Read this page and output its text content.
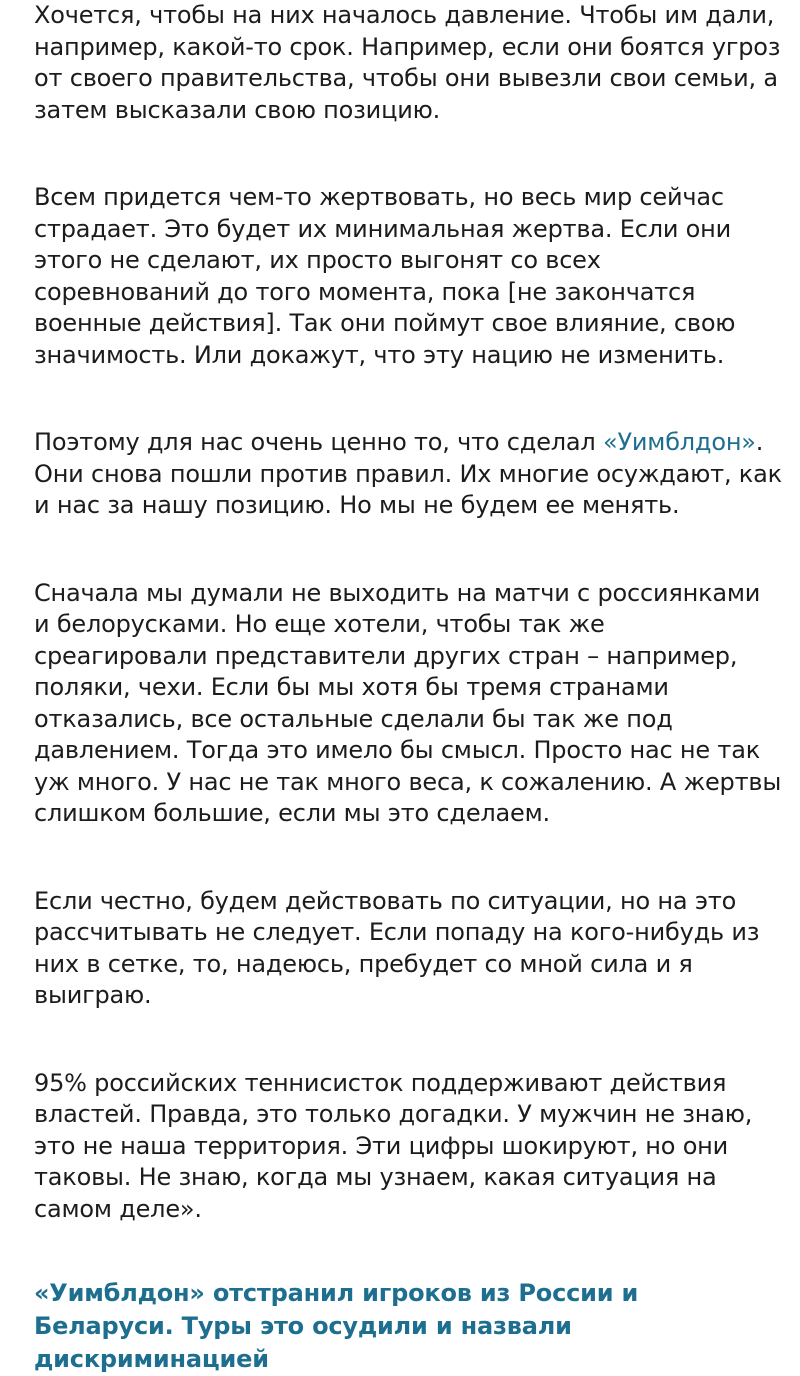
Хочется, чтобы на них началось давление. Чтобы им дали, например, какой-то срок. Например, если они боятся угроз от своего правительства, чтобы они вывезли свои семьи, а затем высказали свою позицию.

Всем придется чем-то жертвовать, но весь мир сейчас страдает. Это будет их минимальная жертва. Если они этого не сделают, их просто выгонят со всех соревнований до того момента, пока [не закончатся военные действия]. Так они поймут свое влияние, свою значимость. Или докажут, что эту нацию не изменить.

Поэтому для нас очень ценно то, что сделал «Уимблдон». Они снова пошли против правил. Их многие осуждают, как и нас за нашу позицию. Но мы не будем ее менять.

Сначала мы думали не выходить на матчи с россиянками и белорусками. Но еще хотели, чтобы так же среагировали представители других стран – например, поляки, чехи. Если бы мы хотя бы тремя странами отказались, все остальные сделали бы так же под давлением. Тогда это имело бы смысл. Просто нас не так уж много. У нас не так много веса, к сожалению. А жертвы слишком большие, если мы это сделаем.

Если честно, будем действовать по ситуации, но на это рассчитывать не следует. Если попаду на кого-нибудь из них в сетке, то, надеюсь, пребудет со мной сила и я выиграю.

95% российских теннисисток поддерживают действия властей. Правда, это только догадки. У мужчин не знаю, это не наша территория. Эти цифры шокируют, но они таковы. Не знаю, когда мы узнаем, какая ситуация на самом деле».

«Уимблдон» отстранил игроков из России и Беларуси. Туры это осудили и назвали дискриминацией
